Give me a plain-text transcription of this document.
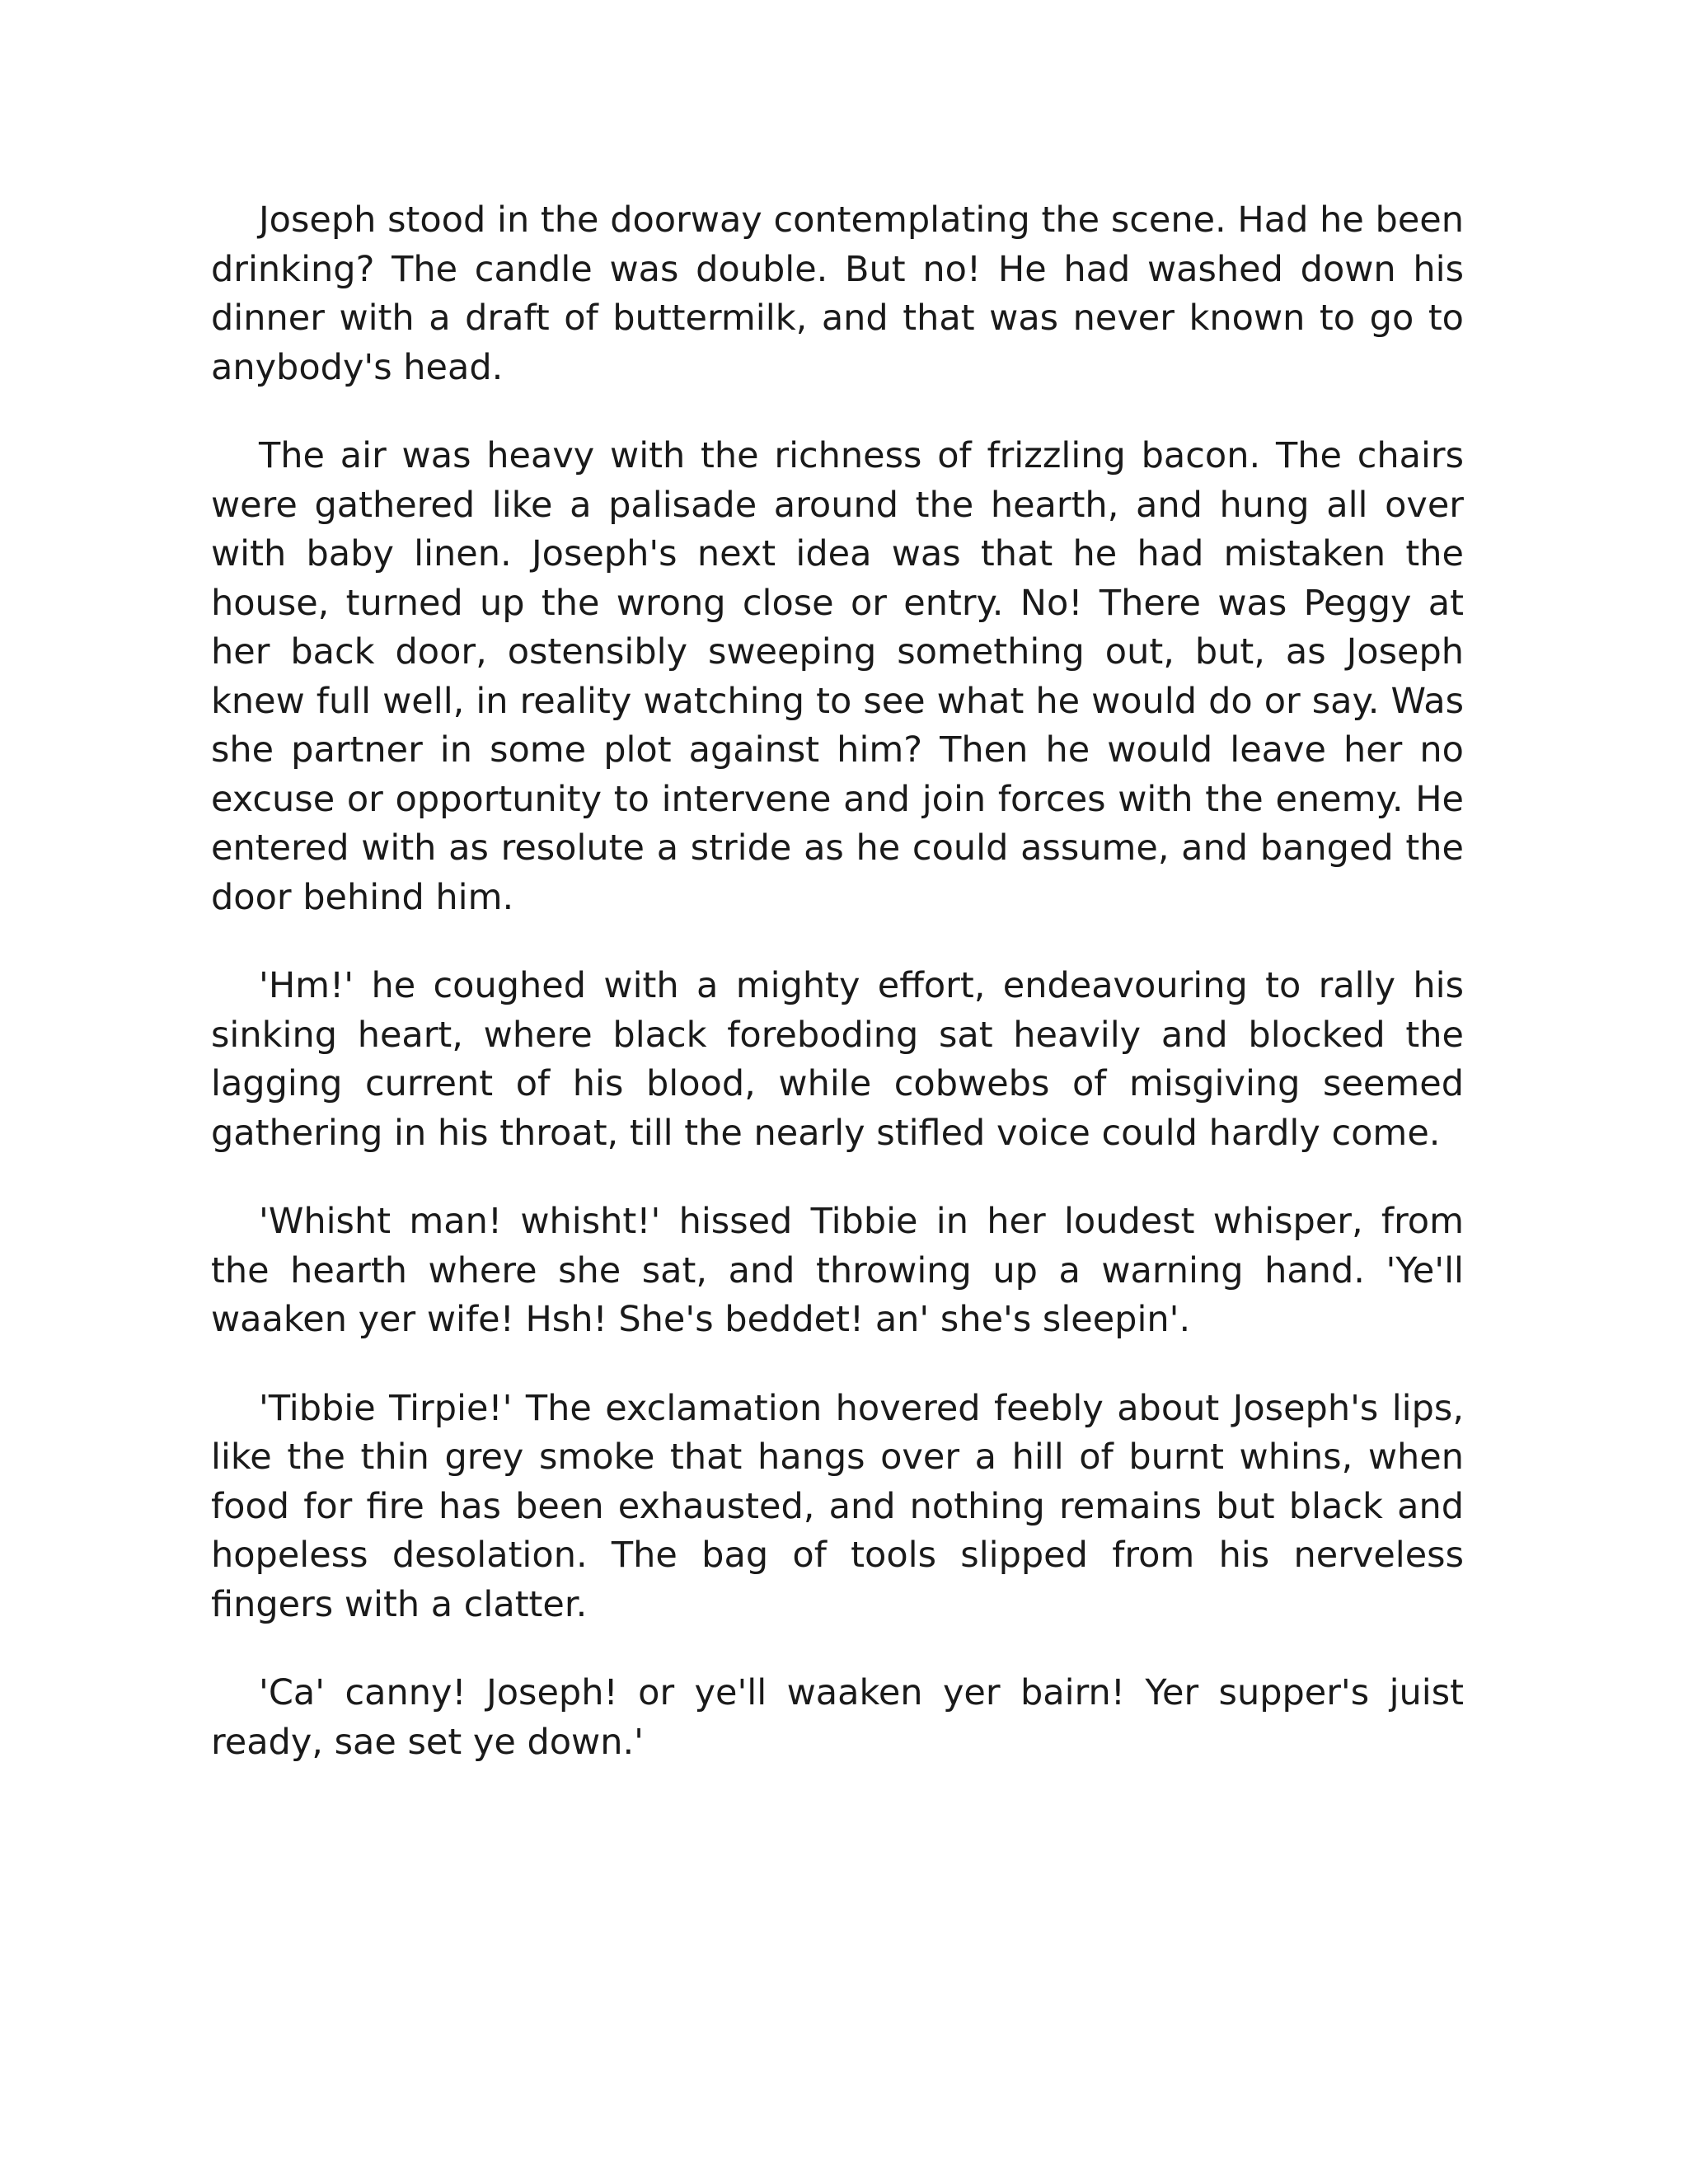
Joseph stood in the doorway contemplating the scene. Had he been drinking? The candle was double. But no! He had washed down his dinner with a draft of buttermilk, and that was never known to go to anybody's head.

The air was heavy with the richness of frizzling bacon. The chairs were gathered like a palisade around the hearth, and hung all over with baby linen. Joseph's next idea was that he had mistaken the house, turned up the wrong close or entry. No! There was Peggy at her back door, ostensibly sweeping something out, but, as Joseph knew full well, in reality watching to see what he would do or say. Was she partner in some plot against him? Then he would leave her no excuse or opportunity to intervene and join forces with the enemy. He entered with as resolute a stride as he could assume, and banged the door behind him.

'Hm!' he coughed with a mighty effort, endeavouring to rally his sinking heart, where black foreboding sat heavily and blocked the lagging current of his blood, while cobwebs of misgiving seemed gathering in his throat, till the nearly stifled voice could hardly come.

'Whisht man! whisht!' hissed Tibbie in her loudest whisper, from the hearth where she sat, and throwing up a warning hand. 'Ye'll waaken yer wife! Hsh! She's beddet! an' she's sleepin'.

'Tibbie Tirpie!' The exclamation hovered feebly about Joseph's lips, like the thin grey smoke that hangs over a hill of burnt whins, when food for fire has been exhausted, and nothing remains but black and hopeless desolation. The bag of tools slipped from his nerveless fingers with a clatter.

'Ca' canny! Joseph! or ye'll waaken yer bairn! Yer supper's juist ready, sae set ye down.'
